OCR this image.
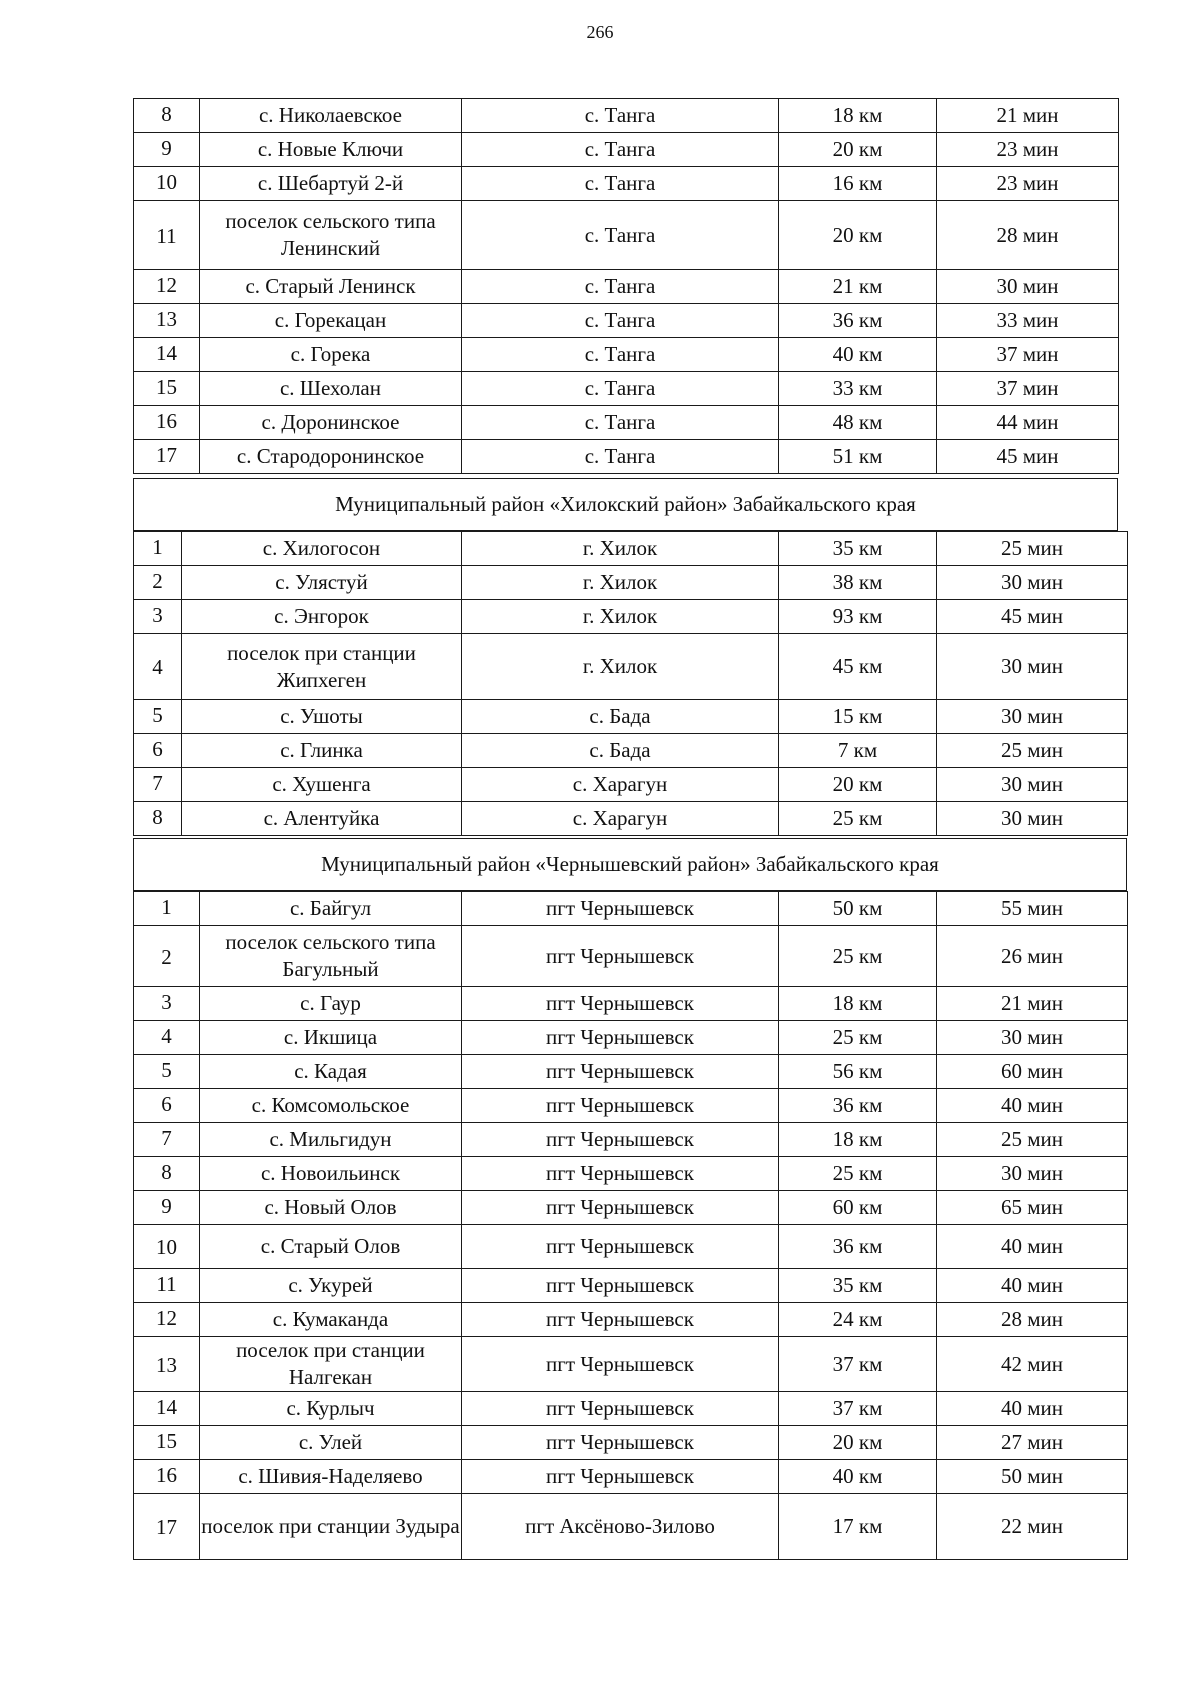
266
8	с. Николаевское	с. Танга	18 км	21 мин
9	с. Новые Ключи	с. Танга	20 км	23 мин
10	с. Шебартуй 2-й	с. Танга	16 км	23 мин
11	поселок сельского типа Ленинский	с. Танга	20 км	28 мин
12	с. Старый Ленинск	с. Танга	21 км	30 мин
13	с. Горекацан	с. Танга	36 км	33 мин
14	с. Горека	с. Танга	40 км	37 мин
15	с. Шехолан	с. Танга	33 км	37 мин
16	с. Доронинское	с. Танга	48 км	44 мин
17	с. Стародоронинское	с. Танга	51 км	45 мин
Муниципальный район «Хилокский район» Забайкальского края
1	с. Хилогосон	г. Хилок	35 км	25 мин
2	с. Улястуй	г. Хилок	38 км	30 мин
3	с. Энгорок	г. Хилок	93 км	45 мин
4	поселок при станции Жипхеген	г. Хилок	45 км	30 мин
5	с. Ушоты	с. Бада	15 км	30 мин
6	с. Глинка	с. Бада	7 км	25 мин
7	с. Хушенга	с. Харагун	20 км	30 мин
8	с. Алентуйка	с. Харагун	25 км	30 мин
Муниципальный район «Чернышевский район» Забайкальского края
1	с. Байгул	пгт Чернышевск	50 км	55 мин
2	поселок сельского типа Багульный	пгт Чернышевск	25 км	26 мин
3	с. Гаур	пгт Чернышевск	18 км	21 мин
4	с. Икшица	пгт Чернышевск	25 км	30 мин
5	с. Кадая	пгт Чернышевск	56 км	60 мин
6	с. Комсомольское	пгт Чернышевск	36 км	40 мин
7	с. Мильгидун	пгт Чернышевск	18 км	25 мин
8	с. Новоильинск	пгт Чернышевск	25 км	30 мин
9	с. Новый Олов	пгт Чернышевск	60 км	65 мин
10	с. Старый Олов	пгт Чернышевск	36 км	40 мин
11	с. Укурей	пгт Чернышевск	35 км	40 мин
12	с. Кумаканда	пгт Чернышевск	24 км	28 мин
13	поселок при станции Налгекан	пгт Чернышевск	37 км	42 мин
14	с. Курлыч	пгт Чернышевск	37 км	40 мин
15	с. Улей	пгт Чернышевск	20 км	27 мин
16	с. Шивия-Наделяево	пгт Чернышевск	40 км	50 мин
17	поселок при станции Зудыра	пгт Аксёново-Зилово	17 км	22 мин
